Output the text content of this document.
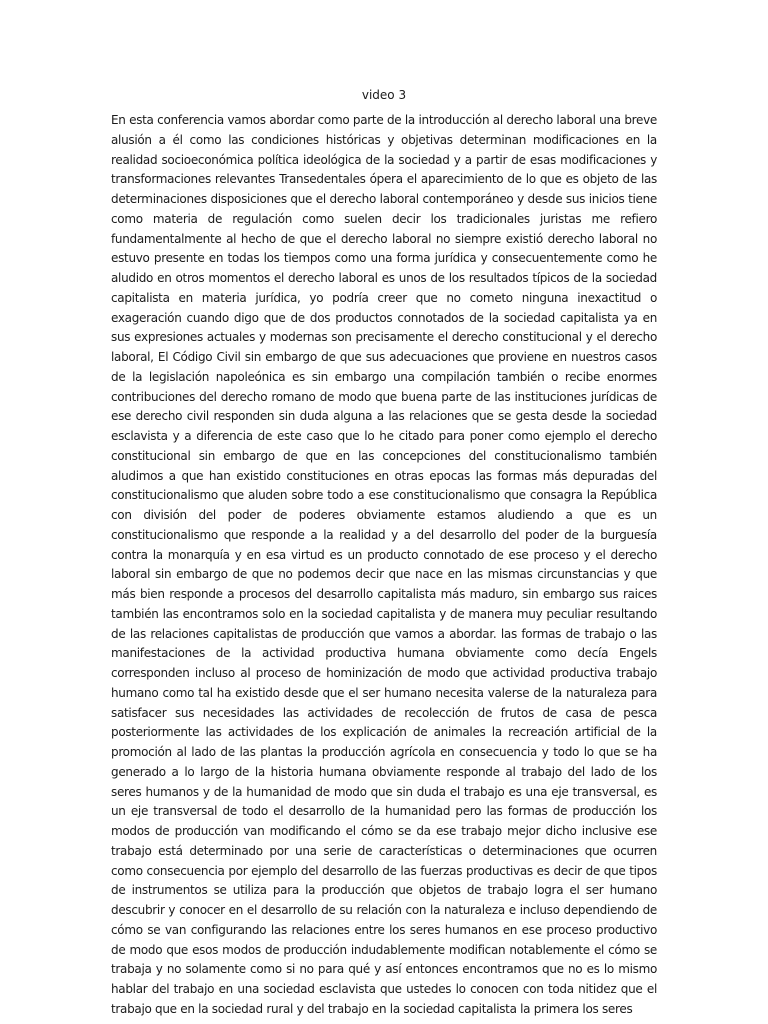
video 3

En esta conferencia vamos abordar como parte de la introducción al derecho laboral una breve alusión a él como las condiciones históricas y objetivas determinan modificaciones en la realidad socioeconómica política ideológica de la sociedad y a partir de esas modificaciones y transformaciones relevantes Transedentales ópera el aparecimiento de lo que es objeto de las determinaciones disposiciones que el derecho laboral contemporáneo y desde sus inicios tiene como materia de regulación como suelen decir los tradicionales juristas me refiero fundamentalmente al hecho de que el derecho laboral no siempre existió derecho laboral no estuvo presente en todas los tiempos como una forma jurídica y consecuentemente como he aludido en otros momentos el derecho laboral es unos de los resultados típicos de la sociedad capitalista en materia jurídica, yo podría creer que no cometo ninguna inexactitud o exageración cuando digo que de dos productos connotados de la sociedad capitalista ya en sus expresiones actuales y modernas son precisamente el derecho constitucional y el derecho laboral, El Código Civil sin embargo de que sus adecuaciones que proviene en nuestros casos de la legislación napoleónica es sin embargo una compilación también o recibe enormes contribuciones del derecho romano de modo que buena parte de las instituciones jurídicas de ese derecho civil responden sin duda alguna a las relaciones que se gesta desde la sociedad esclavista y a diferencia de este caso que lo he citado para poner como ejemplo el derecho constitucional sin embargo de que en las concepciones del constitucionalismo también aludimos a que han existido constituciones en otras epocas las formas más depuradas del constitucionalismo que aluden sobre todo a ese constitucionalismo que consagra la República con división del poder de poderes obviamente estamos aludiendo a que es un constitucionalismo que responde a la realidad y a del desarrollo del poder de la burguesía contra la monarquía y en esa virtud es un producto connotado de ese proceso y el derecho laboral sin embargo de que no podemos decir que nace en las mismas circunstancias y que más bien responde a procesos del desarrollo capitalista más maduro, sin embargo sus raices también las encontramos solo en la sociedad capitalista y de manera muy peculiar resultando de las relaciones capitalistas de producción que vamos a abordar. las formas de trabajo o las manifestaciones de la actividad productiva humana obviamente como decía Engels corresponden incluso al proceso de hominización de modo que actividad productiva trabajo humano como tal ha existido desde que el ser humano necesita valerse de la naturaleza para satisfacer sus necesidades las actividades de recolección de frutos de casa de pesca posteriormente las actividades de los explicación de animales la recreación artificial de la promoción al lado de las plantas la producción agrícola en consecuencia y todo lo que se ha generado a lo largo de la historia humana obviamente responde al trabajo del lado de los seres humanos y de la humanidad de modo que sin duda el trabajo es una eje transversal, es un eje transversal de todo el desarrollo de la humanidad pero las formas de producción los modos de producción van modificando el cómo se da ese trabajo mejor dicho inclusive ese trabajo está determinado por una serie de características o determinaciones que ocurren como consecuencia por ejemplo del desarrollo de las fuerzas productivas es decir de que tipos de instrumentos se utiliza para la producción que objetos de trabajo logra el ser humano descubrir y conocer en el desarrollo de su relación con la naturaleza e incluso dependiendo de cómo se van configurando las relaciones entre los seres humanos en ese proceso productivo de modo que esos modos de producción indudablemente modifican notablemente el cómo se trabaja y no solamente como si no para qué y así entonces encontramos que no es lo mismo hablar del trabajo en una sociedad esclavista que ustedes lo conocen con toda nitidez que el trabajo que en la sociedad rural y del trabajo en la sociedad capitalista la primera los seres
